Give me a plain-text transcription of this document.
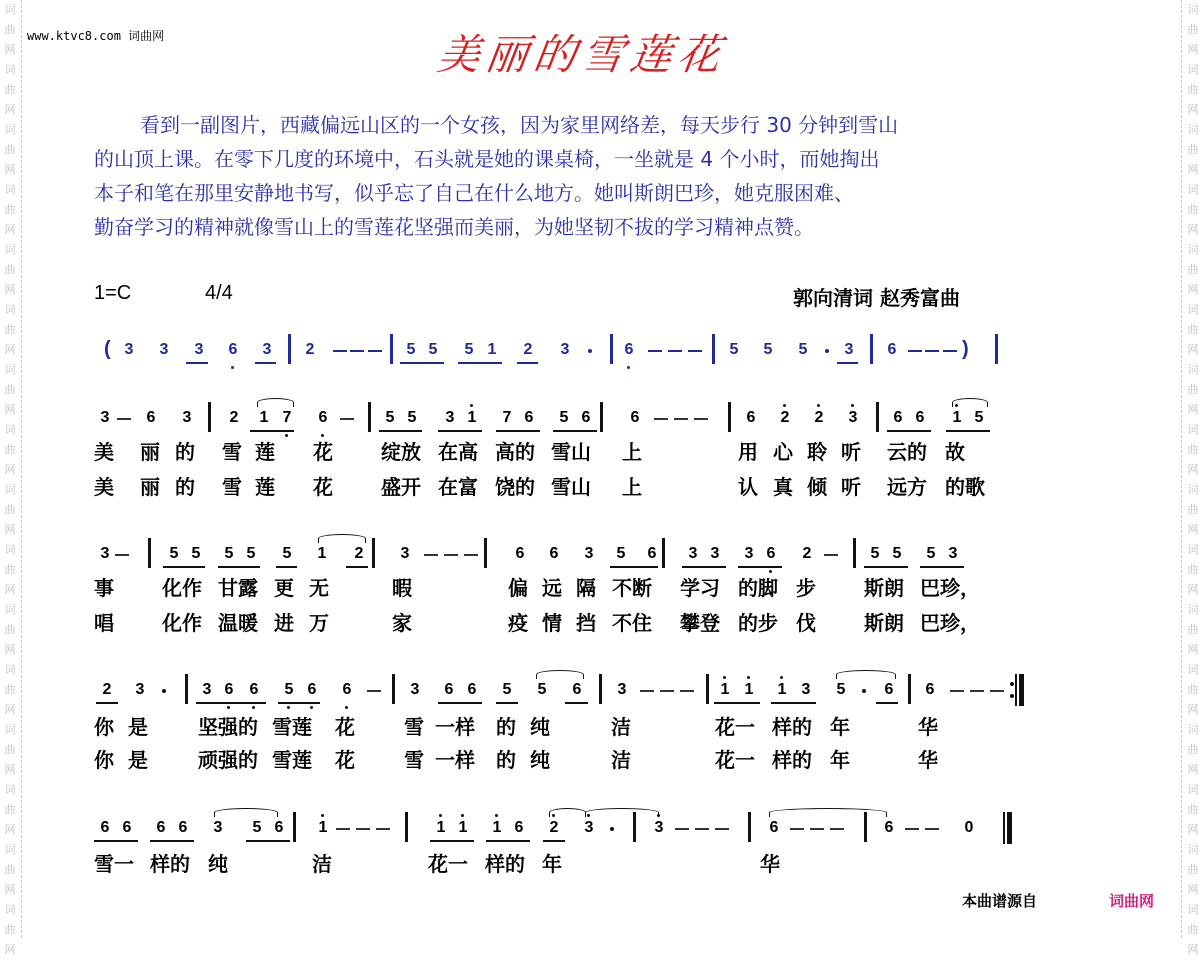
词
曲
网
词
曲
网
词
曲
网
词
曲
网
词
曲
网
词
曲
网
词
曲
网
词
曲
网
词
曲
网
词
曲
网
词
曲
网
词
曲
网
词
曲
网
词
曲
网
词
曲
网
词
曲
网
词
曲
网
词
曲
网
词
曲
网
词
曲
网
词
曲
网
词
曲
网
词
曲
网
词
曲
网
词
曲
网
词
曲
网
词
曲
网
词
曲
网
词
曲
网
词
曲
网
词
曲
网
词
曲
网
www.ktvc8.com 词曲网	美丽的雪莲花

看到一副图片，西藏偏远山区的一个女孩，因为家里网络差，每天步行 30 分钟到雪山

的山顶上课。在零下几度的环境中，石头就是她的课桌椅，一坐就是 4 个小时，而她掏出

本子和笔在那里安静地书写，似乎忘了自己在什么地方。她叫斯朗巴珍，她克服困难、

勤奋学习的精神就像雪山上的雪莲花坚强而美丽，为她坚韧不拔的学习精神点赞。

1=C	4/4	郭向清词 赵秀富曲
3 3 3 6 3 2	5 5 5 1 2 3	6	5 5 5 3 6
(	)
3 6 3 2 1 7 6	5 5 3 1 7 6 5 6	6	6 2 2 3 6 6 1 5
3	5 5 5 5 5 1 2 3	6 6 3 5 6 3 3 3 6 2	5 5 5 3
2 3	3 6 6 5 6 6	3 6 6 5 5 6 3	1 1 1 3 5 6 6
6 6 6 6 3 5 6 1	1 1 1 6 2 3	3	6	6	0
美 丽 的 雪 莲 花 绽放 在高 高的 雪山 上	用 心 聆 听 云的 故
美 丽 的 雪 莲 花 盛开 在富 饶的 雪山 上	认 真 倾 听 远方 的歌
事 化作 甘露 更 无	暇	偏 远 隔 不断 学习 的脚 步 斯朗 巴珍，
唱 化作 温暖 进 万	家	疫 情 挡 不住 攀登 的步 伐 斯朗 巴珍，
你 是	坚强的 雪莲 花 雪 一样 的 纯	洁	花一 样的 年	华
你 是	顽强的 雪莲 花 雪 一样 的 纯	洁	花一 样的 年	华
雪一 样的 纯	洁	花一 样的 年	华
本曲谱源自	词曲网
